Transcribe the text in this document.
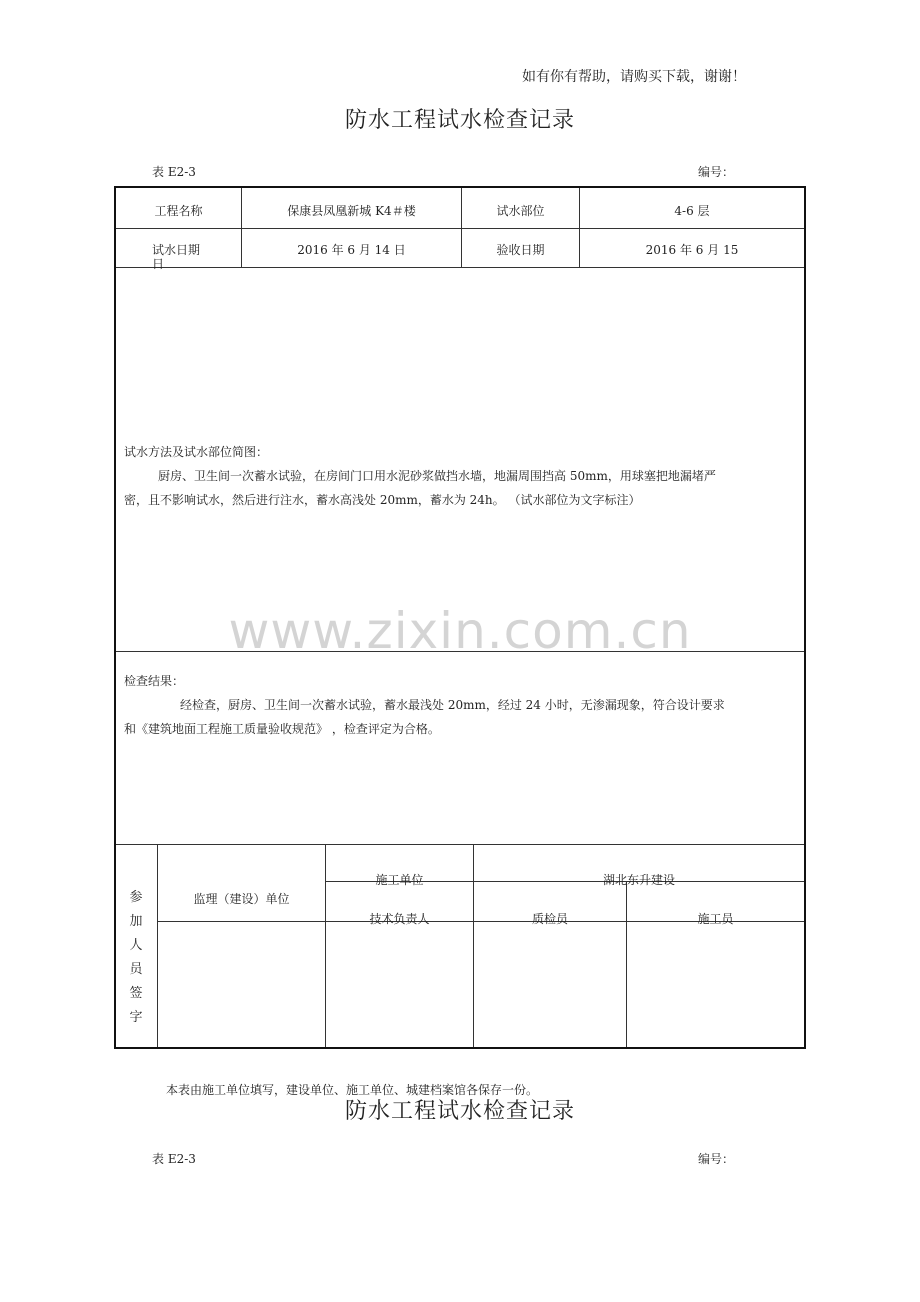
如有你有帮助，请购买下载，谢谢！
防水工程试水检查记录
表 E2-3	编号：
工程名称	保康县凤凰新城 K4＃楼	试水部位	4-6 层
试水日期
日
2016 年 6 月 14 日	验收日期	2016 年 6 月 15
试水方法及试水部位简图：
厨房、卫生间一次蓄水试验，在房间门口用水泥砂浆做挡水墙，地漏周围挡高 50mm，用球塞把地漏堵严
密，且不影响试水，然后进行注水，蓄水高浅处 20mm，蓄水为 24h。 （试水部位为文字标注）
www.zixin.com.cn
检查结果：
经检查，厨房、卫生间一次蓄水试验，蓄水最浅处 20mm，经过 24 小时，无渗漏现象，符合设计要求
和《建筑地面工程施工质量验收规范》 ，检查评定为合格。
参
加
人
员
签
字
监理（建设）单位
施工单位	湖北东升建设
技术负责人	质检员	施工员
本表由施工单位填写，建设单位、施工单位、城建档案馆各保存一份。
防水工程试水检查记录
表 E2-3	编号：
